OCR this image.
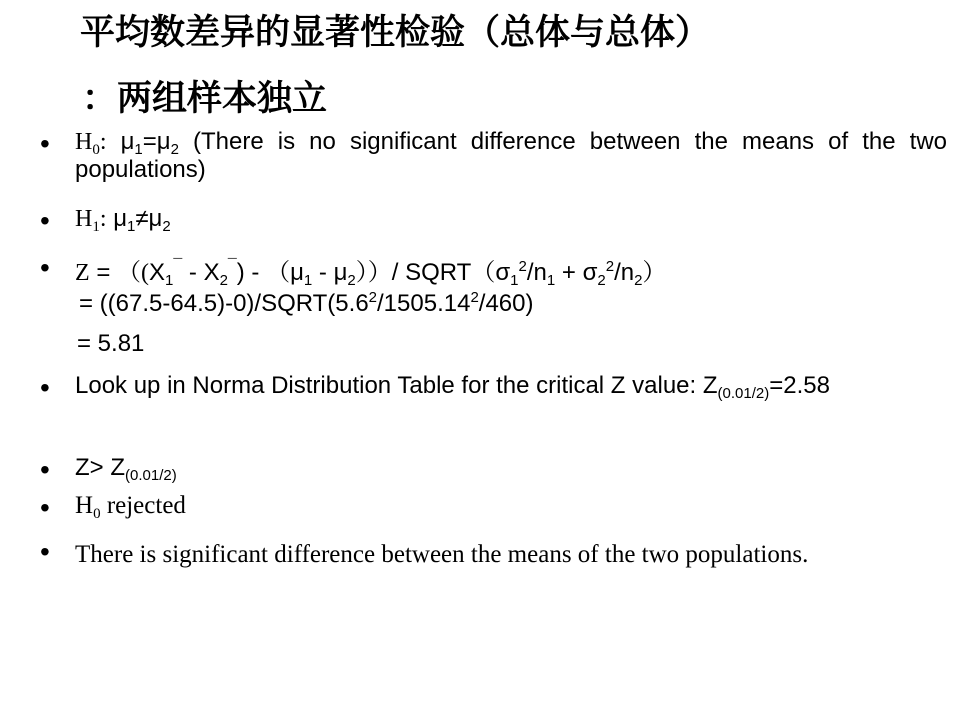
平均数差异的显著性检验（总体与总体）
：两组样本独立
• $H_0$: $\mu_1=\mu_2$ (There is no significant difference between the means of the two populations)
• $H_1$: $\mu_1\ne\mu_2$
• $Z = ((X_1^¯ - X_2^¯) - (\mu_1 - \mu_2))/$ $SQRT(\sigma_1^2/n_1 + \sigma_2^2/n_2)$
= $((67.5-64.5)-0)/SQRT(5.6^2/1505.14^2/460)$
= 5.81
• Look up in Norma Distribution Table for the critical Z value: $Z_{(0.01/2)}=2.58$
• $Z> Z_{(0.01/2)}$
• $H_0$ rejected
• There is significant difference between the means of the two populations.
